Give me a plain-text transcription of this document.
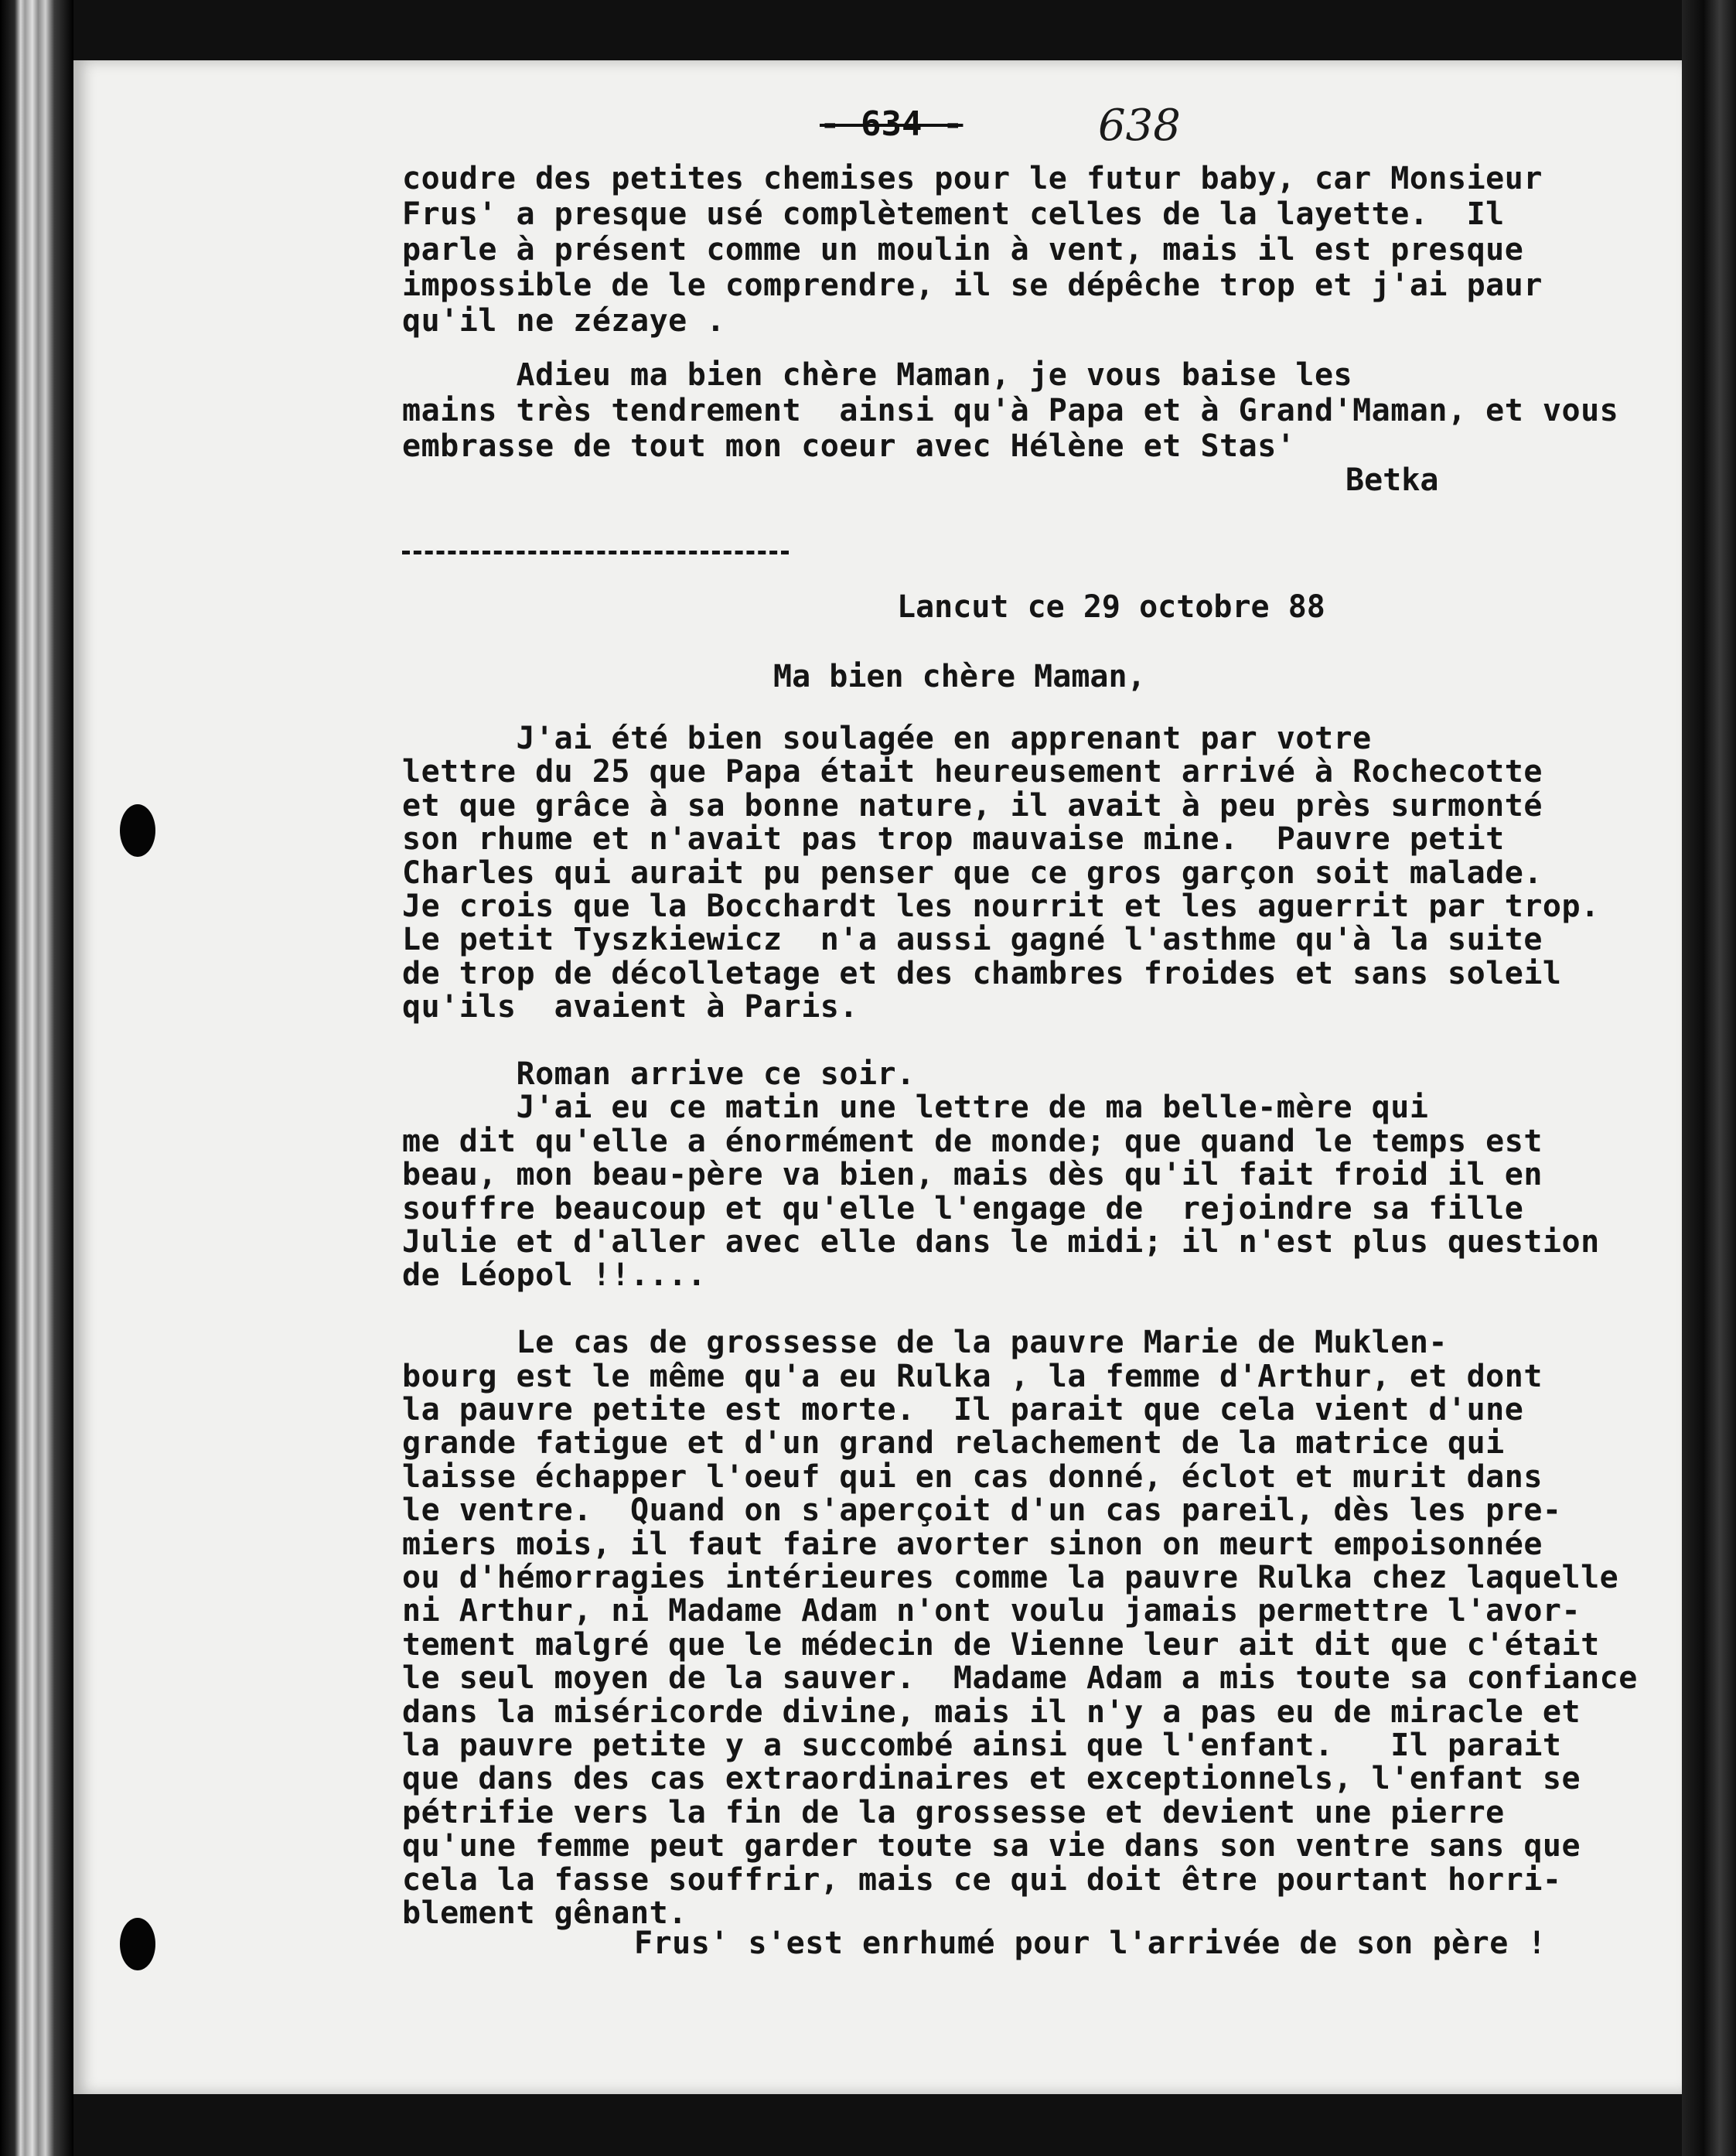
- 634 -	638
coudre des petites chemises pour le futur baby, car Monsieur
Frus' a presque usé complètement celles de la layette.  Il
parle à présent comme un moulin à vent, mais il est presque
impossible de le comprendre, il se dépêche trop et j'ai paur
qu'il ne zézaye .
Adieu ma bien chère Maman, je vous baise les
mains très tendrement  ainsi qu'à Papa et à Grand'Maman, et vous
embrasse de tout mon coeur avec Hélène et Stas'
Betka
Lancut ce 29 octobre 88
Ma bien chère Maman,
J'ai été bien soulagée en apprenant par votre
lettre du 25 que Papa était heureusement arrivé à Rochecotte
et que grâce à sa bonne nature, il avait à peu près surmonté
son rhume et n'avait pas trop mauvaise mine.  Pauvre petit
Charles qui aurait pu penser que ce gros garçon soit malade.
Je crois que la Bocchardt les nourrit et les aguerrit par trop.
Le petit Tyszkiewicz  n'a aussi gagné l'asthme qu'à la suite
de trop de décolletage et des chambres froides et sans soleil
qu'ils  avaient à Paris.
Roman arrive ce soir.
J'ai eu ce matin une lettre de ma belle-mère qui
me dit qu'elle a énormément de monde; que quand le temps est
beau, mon beau-père va bien, mais dès qu'il fait froid il en
souffre beaucoup et qu'elle l'engage de  rejoindre sa fille
Julie et d'aller avec elle dans le midi; il n'est plus question
de Léopol !!....
Le cas de grossesse de la pauvre Marie de Muklen-
bourg est le même qu'a eu Rulka , la femme d'Arthur, et dont
la pauvre petite est morte.  Il parait que cela vient d'une
grande fatigue et d'un grand relachement de la matrice qui
laisse échapper l'oeuf qui en cas donné, éclot et murit dans
le ventre.  Quand on s'aperçoit d'un cas pareil, dès les pre-
miers mois, il faut faire avorter sinon on meurt empoisonnée
ou d'hémorragies intérieures comme la pauvre Rulka chez laquelle
ni Arthur, ni Madame Adam n'ont voulu jamais permettre l'avor-
tement malgré que le médecin de Vienne leur ait dit que c'était
le seul moyen de la sauver.  Madame Adam a mis toute sa confiance
dans la miséricorde divine, mais il n'y a pas eu de miracle et
la pauvre petite y a succombé ainsi que l'enfant.   Il parait
que dans des cas extraordinaires et exceptionnels, l'enfant se
pétrifie vers la fin de la grossesse et devient une pierre
qu'une femme peut garder toute sa vie dans son ventre sans que
cela la fasse souffrir, mais ce qui doit être pourtant horri-
blement gênant.
Frus' s'est enrhumé pour l'arrivée de son père !
